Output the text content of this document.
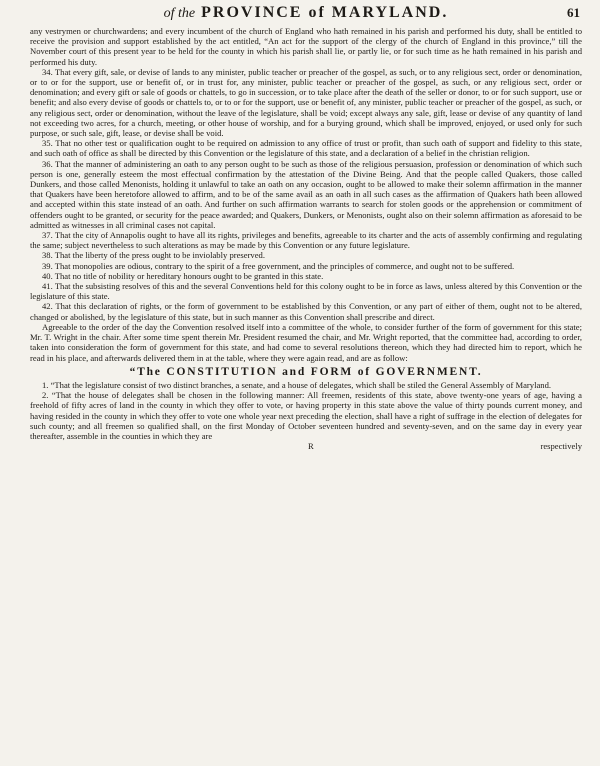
of the PROVINCE of MARYLAND.	61

any vestrymen or churchwardens; and every incumbent of the church of England who hath remained in his parish and performed his duty, shall be entitled to receive the provision and support established by the act entitled, “An act for the support of the clergy of the church of England in this province,” till the November court of this present year to be held for the county in which his parish shall lie, or partly lie, or for such time as he hath remained in his parish and performed his duty.

34. That every gift, sale, or devise of lands to any minister, public teacher or preacher of the gospel, as such, or to any religious sect, order or denomination, or to or for the support, use or benefit of, or in trust for, any minister, public teacher or preacher of the gospel, as such, or any religious sect, order or denomination; and every gift or sale of goods or chattels, to go in succession, or to take place after the death of the seller or donor, to or for such support, use or benefit; and also every devise of goods or chattels to, or to or for the support, use or benefit of, any minister, public teacher or preacher of the gospel, as such, or any religious sect, order or denomination, without the leave of the legislature, shall be void; except always any sale, gift, lease or devise of any quantity of land not exceeding two acres, for a church, meeting, or other house of worship, and for a burying ground, which shall be improved, enjoyed, or used only for such purpose, or such sale, gift, lease, or devise shall be void.

35. That no other test or qualification ought to be required on admission to any office of trust or profit, than such oath of support and fidelity to this state, and such oath of office as shall be directed by this Convention or the legislature of this state, and a declaration of a belief in the christian religion.

36. That the manner of administering an oath to any person ought to be such as those of the religious persuasion, profession or denomination of which such person is one, generally esteem the most effectual confirmation by the attestation of the Divine Being. And that the people called Quakers, those called Dunkers, and those called Menonists, holding it unlawful to take an oath on any occasion, ought to be allowed to make their solemn affirmation in the manner that Quakers have been heretofore allowed to affirm, and to be of the same avail as an oath in all such cases as the affirmation of Quakers hath been allowed and accepted within this state instead of an oath. And further on such affirmation warrants to search for stolen goods or the apprehension or commitment of offenders ought to be granted, or security for the peace awarded; and Quakers, Dunkers, or Menonists, ought also on their solemn affirmation as aforesaid to be admitted as witnesses in all criminal cases not capital.

37. That the city of Annapolis ought to have all its rights, privileges and benefits, agreeable to its charter and the acts of assembly confirming and regulating the same; subject nevertheless to such alterations as may be made by this Convention or any future legislature.

38. That the liberty of the press ought to be inviolably preserved.

39. That monopolies are odious, contrary to the spirit of a free government, and the principles of commerce, and ought not to be suffered.

40. That no title of nobility or hereditary honours ought to be granted in this state.

41. That the subsisting resolves of this and the several Conventions held for this colony ought to be in force as laws, unless altered by this Convention or the legislature of this state.

42. That this declaration of rights, or the form of government to be established by this Convention, or any part of either of them, ought not to be altered, changed or abolished, by the legislature of this state, but in such manner as this Convention shall prescribe and direct.

Agreeable to the order of the day the Convention resolved itself into a committee of the whole, to consider further of the form of government for this state; Mr. T. Wright in the chair. After some time spent therein Mr. President resumed the chair, and Mr. Wright reported, that the committee had, according to order, taken into consideration the form of government for this state, and had come to several resolutions thereon, which they had directed him to report, which he read in his place, and afterwards delivered them in at the table, where they were again read, and are as follow:

“The CONSTITUTION and FORM of GOVERNMENT.

1. “That the legislature consist of two distinct branches, a senate, and a house of delegates, which shall be stiled the General Assembly of Maryland.

2. “That the house of delegates shall be chosen in the following manner: All freemen, residents of this state, above twenty-one years of age, having a freehold of fifty acres of land in the county in which they offer to vote, or having property in this state above the value of thirty pounds current money, and having resided in the county in which they offer to vote one whole year next preceding the election, shall have a right of suffrage in the election of delegates for such county; and all freemen so qualified shall, on the first Monday of October seventeen hundred and seventy-seven, and on the same day in every year thereafter, assemble in the counties in which they are

R	respectively
